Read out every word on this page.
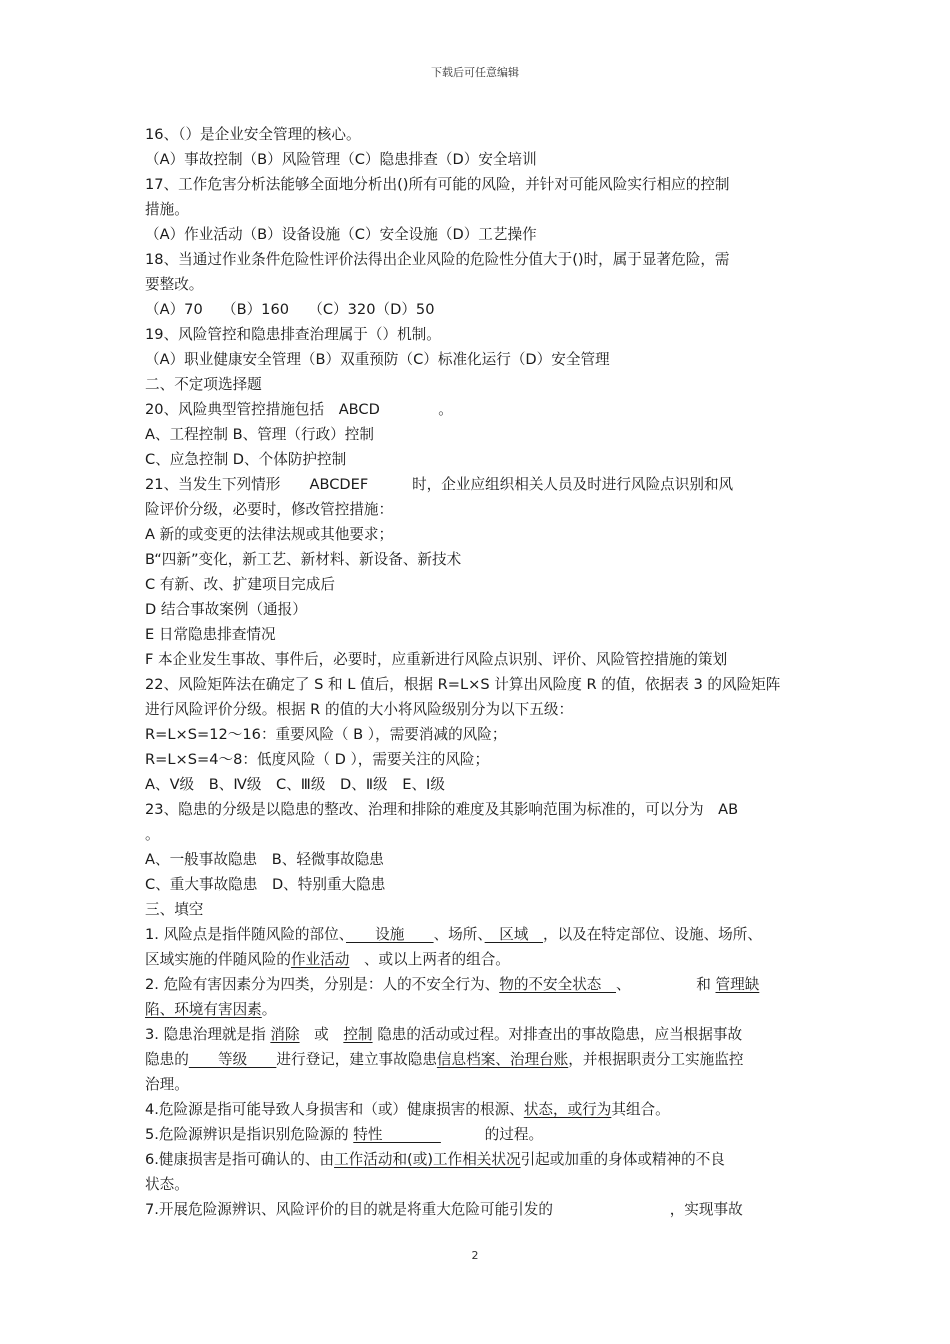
下载后可任意编辑
16、（）是企业安全管理的核心。
（A）事故控制（B）风险管理（C）隐患排查（D）安全培训
17、工作危害分析法能够全面地分析出()所有可能的风险，并针对可能风险实行相应的控制
措施。
（A）作业活动（B）设备设施（C）安全设施（D）工艺操作
18、当通过作业条件危险性评价法得出企业风险的危险性分值大于()时，属于显著危险，需
要整改。
（A）70　 （B）160　 （C）320（D）50
19、风险管控和隐患排查治理属于（）机制。
（A）职业健康安全管理（B）双重预防（C）标准化运行（D）安全管理
二、不定项选择题
20、风险典型管控措施包括　ABCD　　　　。
A、工程控制 B、管理（行政）控制
C、应急控制 D、个体防护控制
21、当发生下列情形　　ABCDEF　　　时，企业应组织相关人员及时进行风险点识别和风
险评价分级，必要时，修改管控措施：
A 新的或变更的法律法规或其他要求；
B“四新”变化，新工艺、新材料、新设备、新技术
C 有新、改、扩建项目完成后
D 结合事故案例（通报）
E 日常隐患排查情况
F 本企业发生事故、事件后，必要时，应重新进行风险点识别、评价、风险管控措施的策划
22、风险矩阵法在确定了 S 和 L 值后，根据 R=L×S 计算出风险度 R 的值，依据表 3 的风险矩阵
进行风险评价分级。根据 R 的值的大小将风险级别分为以下五级：
R=L×S=12～16：重要风险（ B ），需要消减的风险；
R=L×S=4～8：低度风险（ D ），需要关注的风险；
A、Ⅴ级　B、Ⅳ级　C、Ⅲ级　D、Ⅱ级　E、Ⅰ级
23、隐患的分级是以隐患的整改、治理和排除的难度及其影响范围为标准的，可以分为　AB
。
A、一般事故隐患　B、轻微事故隐患
C、重大事故隐患　D、特别重大隐患
三、填空
1. 风险点是指伴随风险的部位、　　设施　　、场所、　区域　，以及在特定部位、设施、场所、
区域实施的伴随风险的作业活动　、或以上两者的组合。
2. 危险有害因素分为四类，分别是：人的不安全行为、物的不安全状态　、　　　　　和 管理缺
陷、环境有害因素。
3. 隐患治理就是指 消除　或　控制 隐患的活动或过程。对排查出的事故隐患，应当根据事故
隐患的　　等级　　进行登记，建立事故隐患信息档案、治理台账，并根据职责分工实施监控
治理。
4.危险源是指可能导致人身损害和（或）健康损害的根源、状态，或行为其组合。
5.危险源辨识是指识别危险源的 特性　　　　　　　的过程。
6.健康损害是指可确认的、由工作活动和(或)工作相关状况引起或加重的身体或精神的不良
状态。
7.开展危险源辨识、风险评价的目的就是将重大危险可能引发的　　　　　　　　，实现事故
2
